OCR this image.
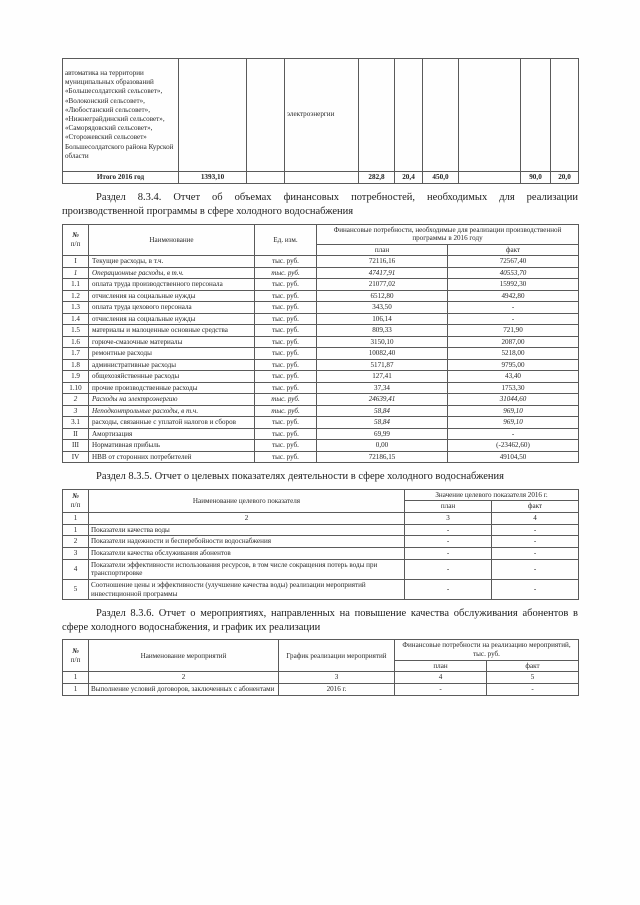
автоматика на территории муниципальных образований «Большесолдатский сельсовет», «Волоконский сельсовет», «Любостанский сельсовет», «Нижнеграйдинский сельсовет», «Саморядовский сельсовет», «Сторожевский сельсовет» Большесолдатского района Курской области			электроэнергии						
Итого 2016 год	1393,10			282,8	20,4	450,0		90,0	20,0

Раздел 8.3.4. Отчет об объемах финансовых потребностей, необходимых для реализации производственной программы в сфере холодного водоснабжения

№
п/п	Наименование	Ед. изм.	Финансовые потребности, необходимые для реализации производственной программы в 2016 году	
			план	факт
I	Текущие расходы, в т.ч.	тыс. руб.	72116,16	72567,40
1	Операционные расходы, в т.ч.	тыс. руб.	47417,91	40553,70
1.1	оплата труда производственного персонала	тыс. руб.	21077,02	15992,30
1.2	отчисления на социальные нужды	тыс. руб.	6512,80	4942,80
1.3	оплата труда цехового персонала	тыс. руб.	343,50	-
1.4	отчисления на социальные нужды	тыс. руб.	106,14	-
1.5	материалы и малоценные основные средства	тыс. руб.	809,33	721,90
1.6	горюче-смазочные материалы	тыс. руб.	3150,10	2087,00
1.7	ремонтные расходы	тыс. руб.	10082,40	5218,00
1.8	административные расходы	тыс. руб.	5171,87	9795,00
1.9	общехозяйственные расходы	тыс. руб.	127,41	43,40
1.10	прочие производственные расходы	тыс. руб.	37,34	1753,30
2	Расходы на электроэнергию	тыс. руб.	24639,41	31044,60
3	Неподконтрольные расходы, в т.ч.	тыс. руб.	58,84	969,10
3.1	расходы, связанные с уплатой налогов и сборов	тыс. руб.	58,84	969,10
II	Амортизация	тыс. руб.	69,99	-
III	Нормативная прибыль	тыс. руб.	0,00	(-23462,60)
IV	НВВ от сторонних потребителей	тыс. руб.	72186,15	49104,50

Раздел 8.3.5. Отчет о целевых показателях деятельности в сфере холодного водоснабжения

№
п/п	Наименование целевого показателя	Значение целевого показателя 2016 г.	
		план	факт
1	2	3	4
1	Показатели качества воды	-	-
2	Показатели надежности и бесперебойности водоснабжения	-	-
3	Показатели качества обслуживания абонентов	-	-
4	Показатели эффективности использования ресурсов, в том числе сокращения потерь воды при транспортировке	-	-
5	Соотношение цены и эффективности (улучшение качества воды) реализации мероприятий инвестиционной программы	-	-

Раздел 8.3.6. Отчет о мероприятиях, направленных на повышение качества обслуживания абонентов в сфере холодного водоснабжения, и график их реализации

№
п/п	Наименование мероприятий	График реализации мероприятий	Финансовые потребности на реализацию мероприятий, тыс. руб.	
			план	факт
1	2	3	4	5
1	Выполнение условий договоров, заключенных с абонентами	2016 г.	-	-
